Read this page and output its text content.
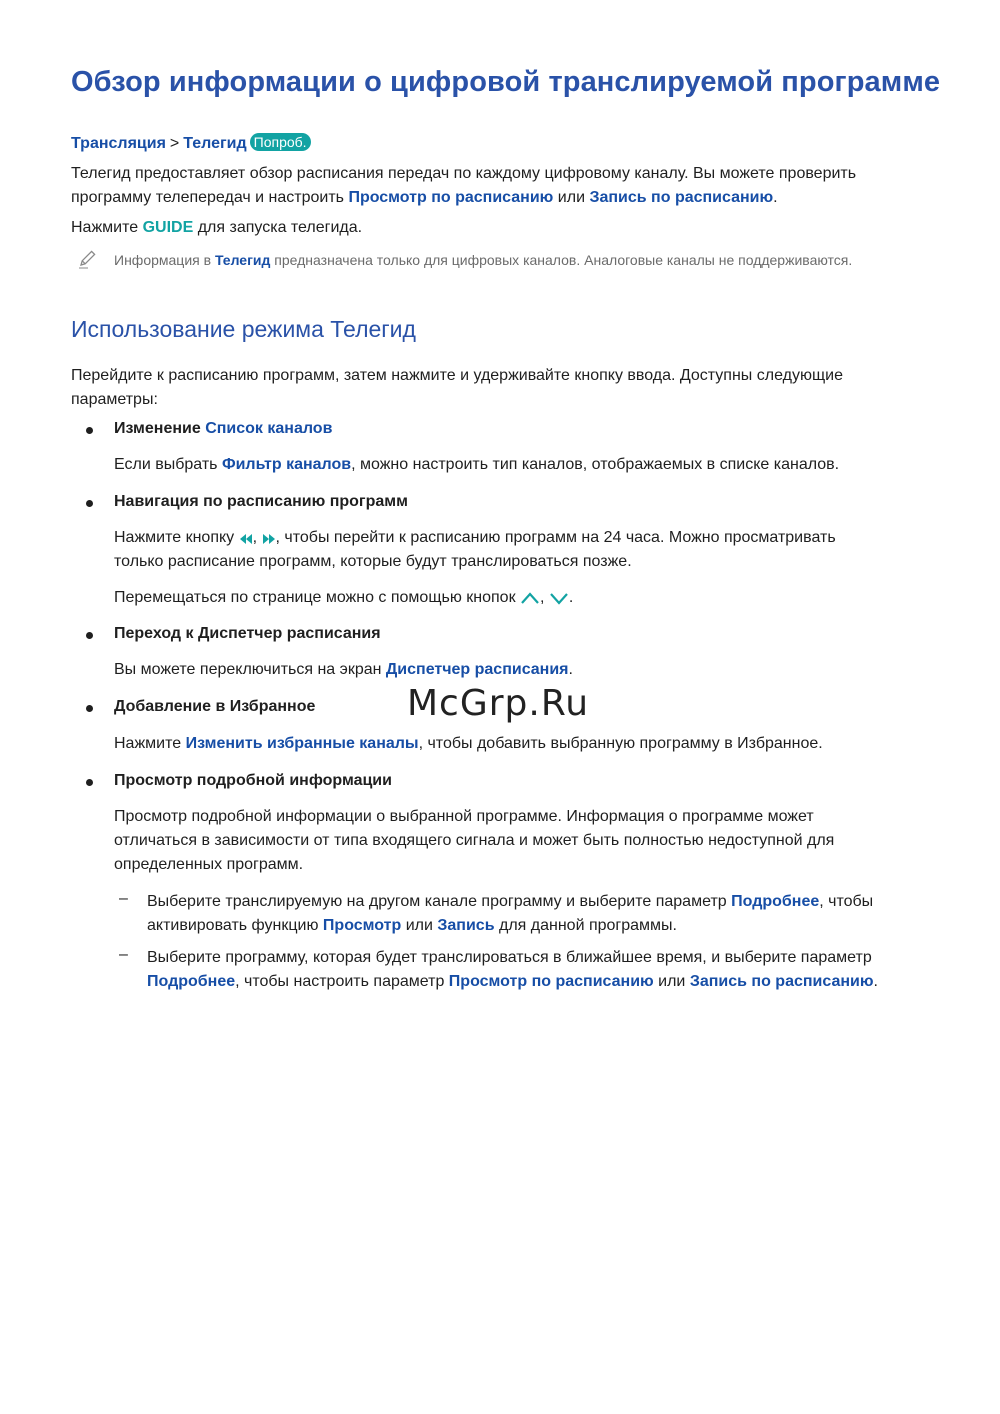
Обзор информации о цифровой транслируемой программе
Трансляция > Телегид Попроб.
Телегид предоставляет обзор расписания передач по каждому цифровому каналу. Вы можете проверить
программу телепередач и настроить Просмотр по расписанию или Запись по расписанию.
Нажмите GUIDE для запуска телегида.
Информация в Телегид предназначена только для цифровых каналов. Аналоговые каналы не поддерживаются.
Использование режима Телегид
Перейдите к расписанию программ, затем нажмите и удерживайте кнопку ввода. Доступны следующие
параметры:
Изменение Список каналов
Если выбрать Фильтр каналов, можно настроить тип каналов, отображаемых в списке каналов.
Навигация по расписанию программ
Нажмите кнопку , , чтобы перейти к расписанию программ на 24 часа. Можно просматривать
только расписание программ, которые будут транслироваться позже.
Перемещаться по странице можно с помощью кнопок , .
Переход к Диспетчер расписания
Вы можете переключиться на экран Диспетчер расписания.
Добавление в Избранное	McGrp.Ru
Нажмите Изменить избранные каналы, чтобы добавить выбранную программу в Избранное.
Просмотр подробной информации
Просмотр подробной информации о выбранной программе. Информация о программе может
отличаться в зависимости от типа входящего сигнала и может быть полностью недоступной для
определенных программ.
– Выберите транслируемую на другом канале программу и выберите параметр Подробнее, чтобы
активировать функцию Просмотр или Запись для данной программы.
– Выберите программу, которая будет транслироваться в ближайшее время, и выберите параметр
Подробнее, чтобы настроить параметр Просмотр по расписанию или Запись по расписанию.
